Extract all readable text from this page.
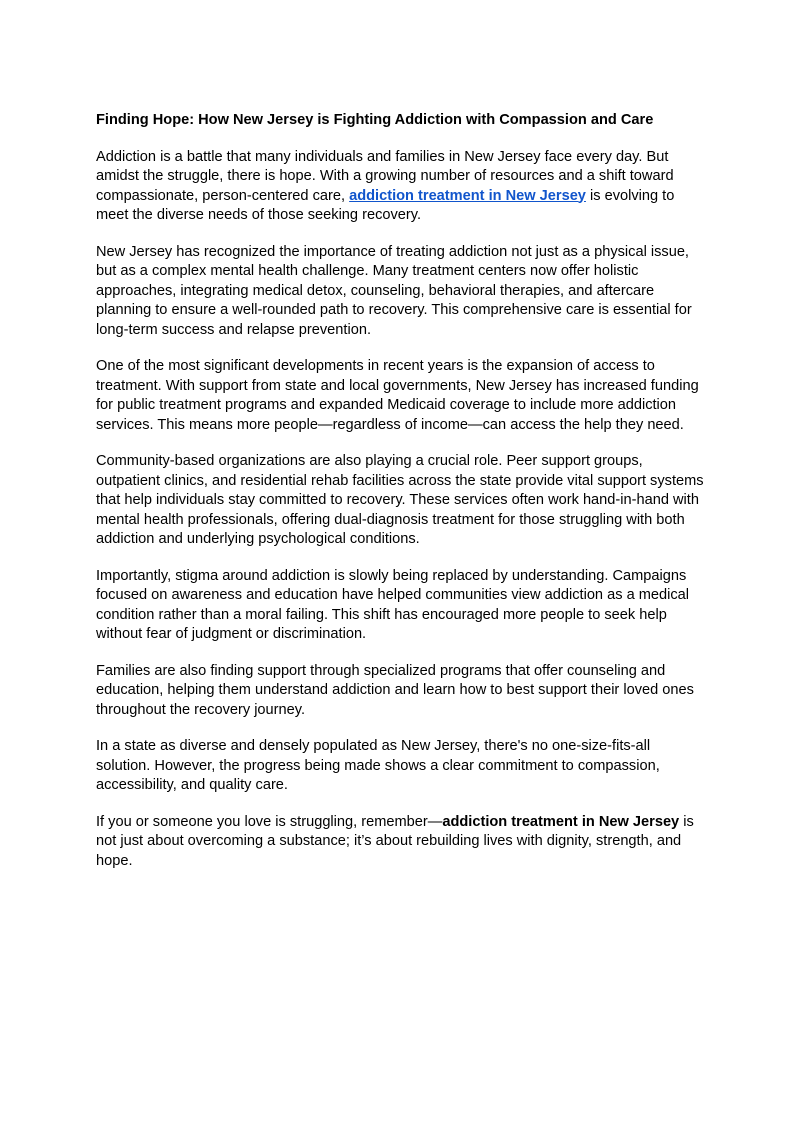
Finding Hope: How New Jersey is Fighting Addiction with Compassion and Care

Addiction is a battle that many individuals and families in New Jersey face every day. But amidst the struggle, there is hope. With a growing number of resources and a shift toward compassionate, person-centered care, addiction treatment in New Jersey is evolving to meet the diverse needs of those seeking recovery.

New Jersey has recognized the importance of treating addiction not just as a physical issue, but as a complex mental health challenge. Many treatment centers now offer holistic approaches, integrating medical detox, counseling, behavioral therapies, and aftercare planning to ensure a well-rounded path to recovery. This comprehensive care is essential for long-term success and relapse prevention.

One of the most significant developments in recent years is the expansion of access to treatment. With support from state and local governments, New Jersey has increased funding for public treatment programs and expanded Medicaid coverage to include more addiction services. This means more people—regardless of income—can access the help they need.

Community-based organizations are also playing a crucial role. Peer support groups, outpatient clinics, and residential rehab facilities across the state provide vital support systems that help individuals stay committed to recovery. These services often work hand-in-hand with mental health professionals, offering dual-diagnosis treatment for those struggling with both addiction and underlying psychological conditions.

Importantly, stigma around addiction is slowly being replaced by understanding. Campaigns focused on awareness and education have helped communities view addiction as a medical condition rather than a moral failing. This shift has encouraged more people to seek help without fear of judgment or discrimination.

Families are also finding support through specialized programs that offer counseling and education, helping them understand addiction and learn how to best support their loved ones throughout the recovery journey.

In a state as diverse and densely populated as New Jersey, there's no one-size-fits-all solution. However, the progress being made shows a clear commitment to compassion, accessibility, and quality care.

If you or someone you love is struggling, remember—addiction treatment in New Jersey is not just about overcoming a substance; it’s about rebuilding lives with dignity, strength, and hope.
